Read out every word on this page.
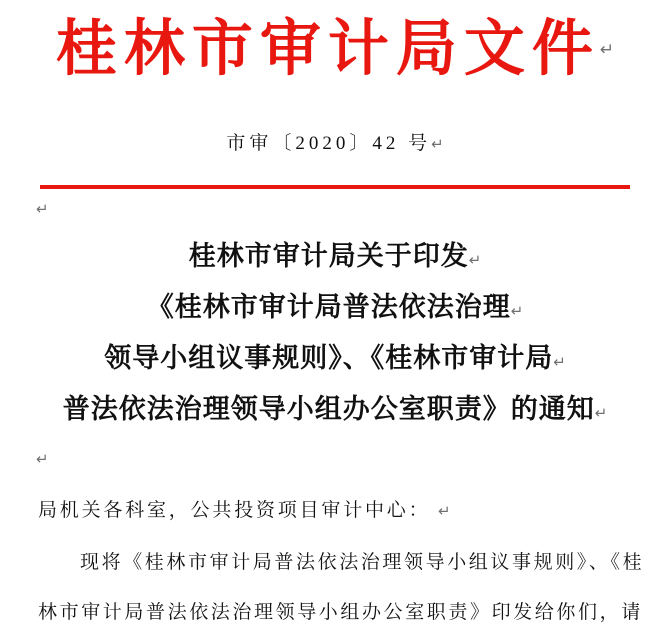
桂林市审计局文件↵
市审〔2020〕42 号↵
↵
桂林市审计局关于印发↵
《桂林市审计局普法依法治理↵
领导小组议事规则》、《桂林市审计局↵
普法依法治理领导小组办公室职责》的通知↵
↵
局机关各科室，公共投资项目审计中心： ↵
现将《桂林市审计局普法依法治理领导小组议事规则》、《桂
林市审计局普法依法治理领导小组办公室职责》印发给你们，请
